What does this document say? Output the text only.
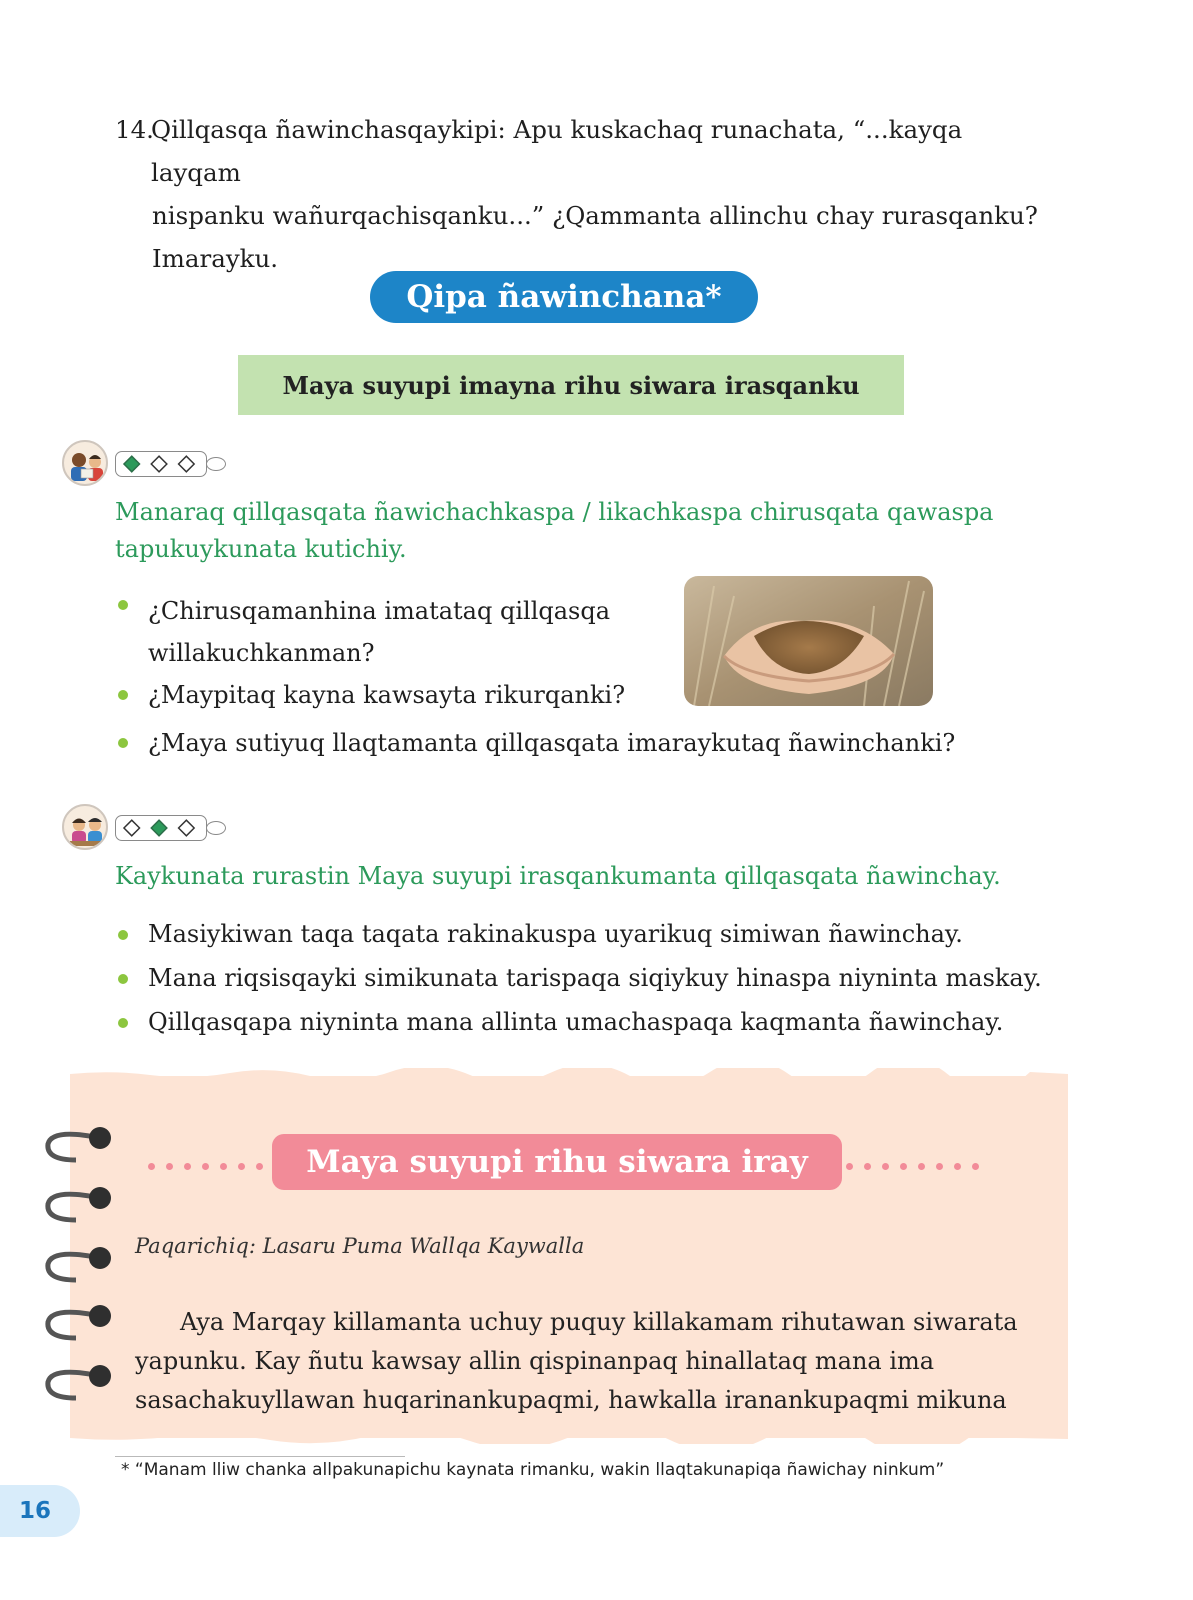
14.
Qillqasqa ñawinchasqaykipi: Apu kuskachaq runachata, “...kayqa layqam
nispanku wañurqachisqanku...” ¿Qammanta allinchu chay rurasqanku?
Imarayku.
Qipa ñawinchana*
Maya suyupi imayna rihu siwara irasqanku
Manaraq qillqasqata ñawichachkaspa / likachkaspa chirusqata qawaspa
tapukuykunata kutichiy.
¿Chirusqamanhina imatataq qillqasqa
willakuchkanman?
¿Maypitaq kayna kawsayta rikurqanki?
¿Maya sutiyuq llaqtamanta qillqasqata imaraykutaq ñawinchanki?
Kaykunata rurastin Maya suyupi irasqankumanta qillqasqata ñawinchay.
Masiykiwan taqa taqata rakinakuspa uyarikuq simiwan ñawinchay.
Mana riqsisqayki simikunata tarispaqa siqiykuy hinaspa niyninta maskay.
Qillqasqapa niyninta mana allinta umachaspaqa kaqmanta ñawinchay.
Maya suyupi rihu siwara iray
Paqarichiq: Lasaru Puma Wallqa Kaywalla
Aya Marqay killamanta uchuy puquy killakamam rihutawan siwarata
yapunku. Kay ñutu kawsay allin qispinanpaq hinallataq mana ima
sasachakuyllawan huqarinankupaqmi, hawkalla iranankupaqmi mikuna
* “Manam lliw chanka allpakunapichu kaynata rimanku, wakin llaqtakunapiqa ñawichay ninkum”
16
